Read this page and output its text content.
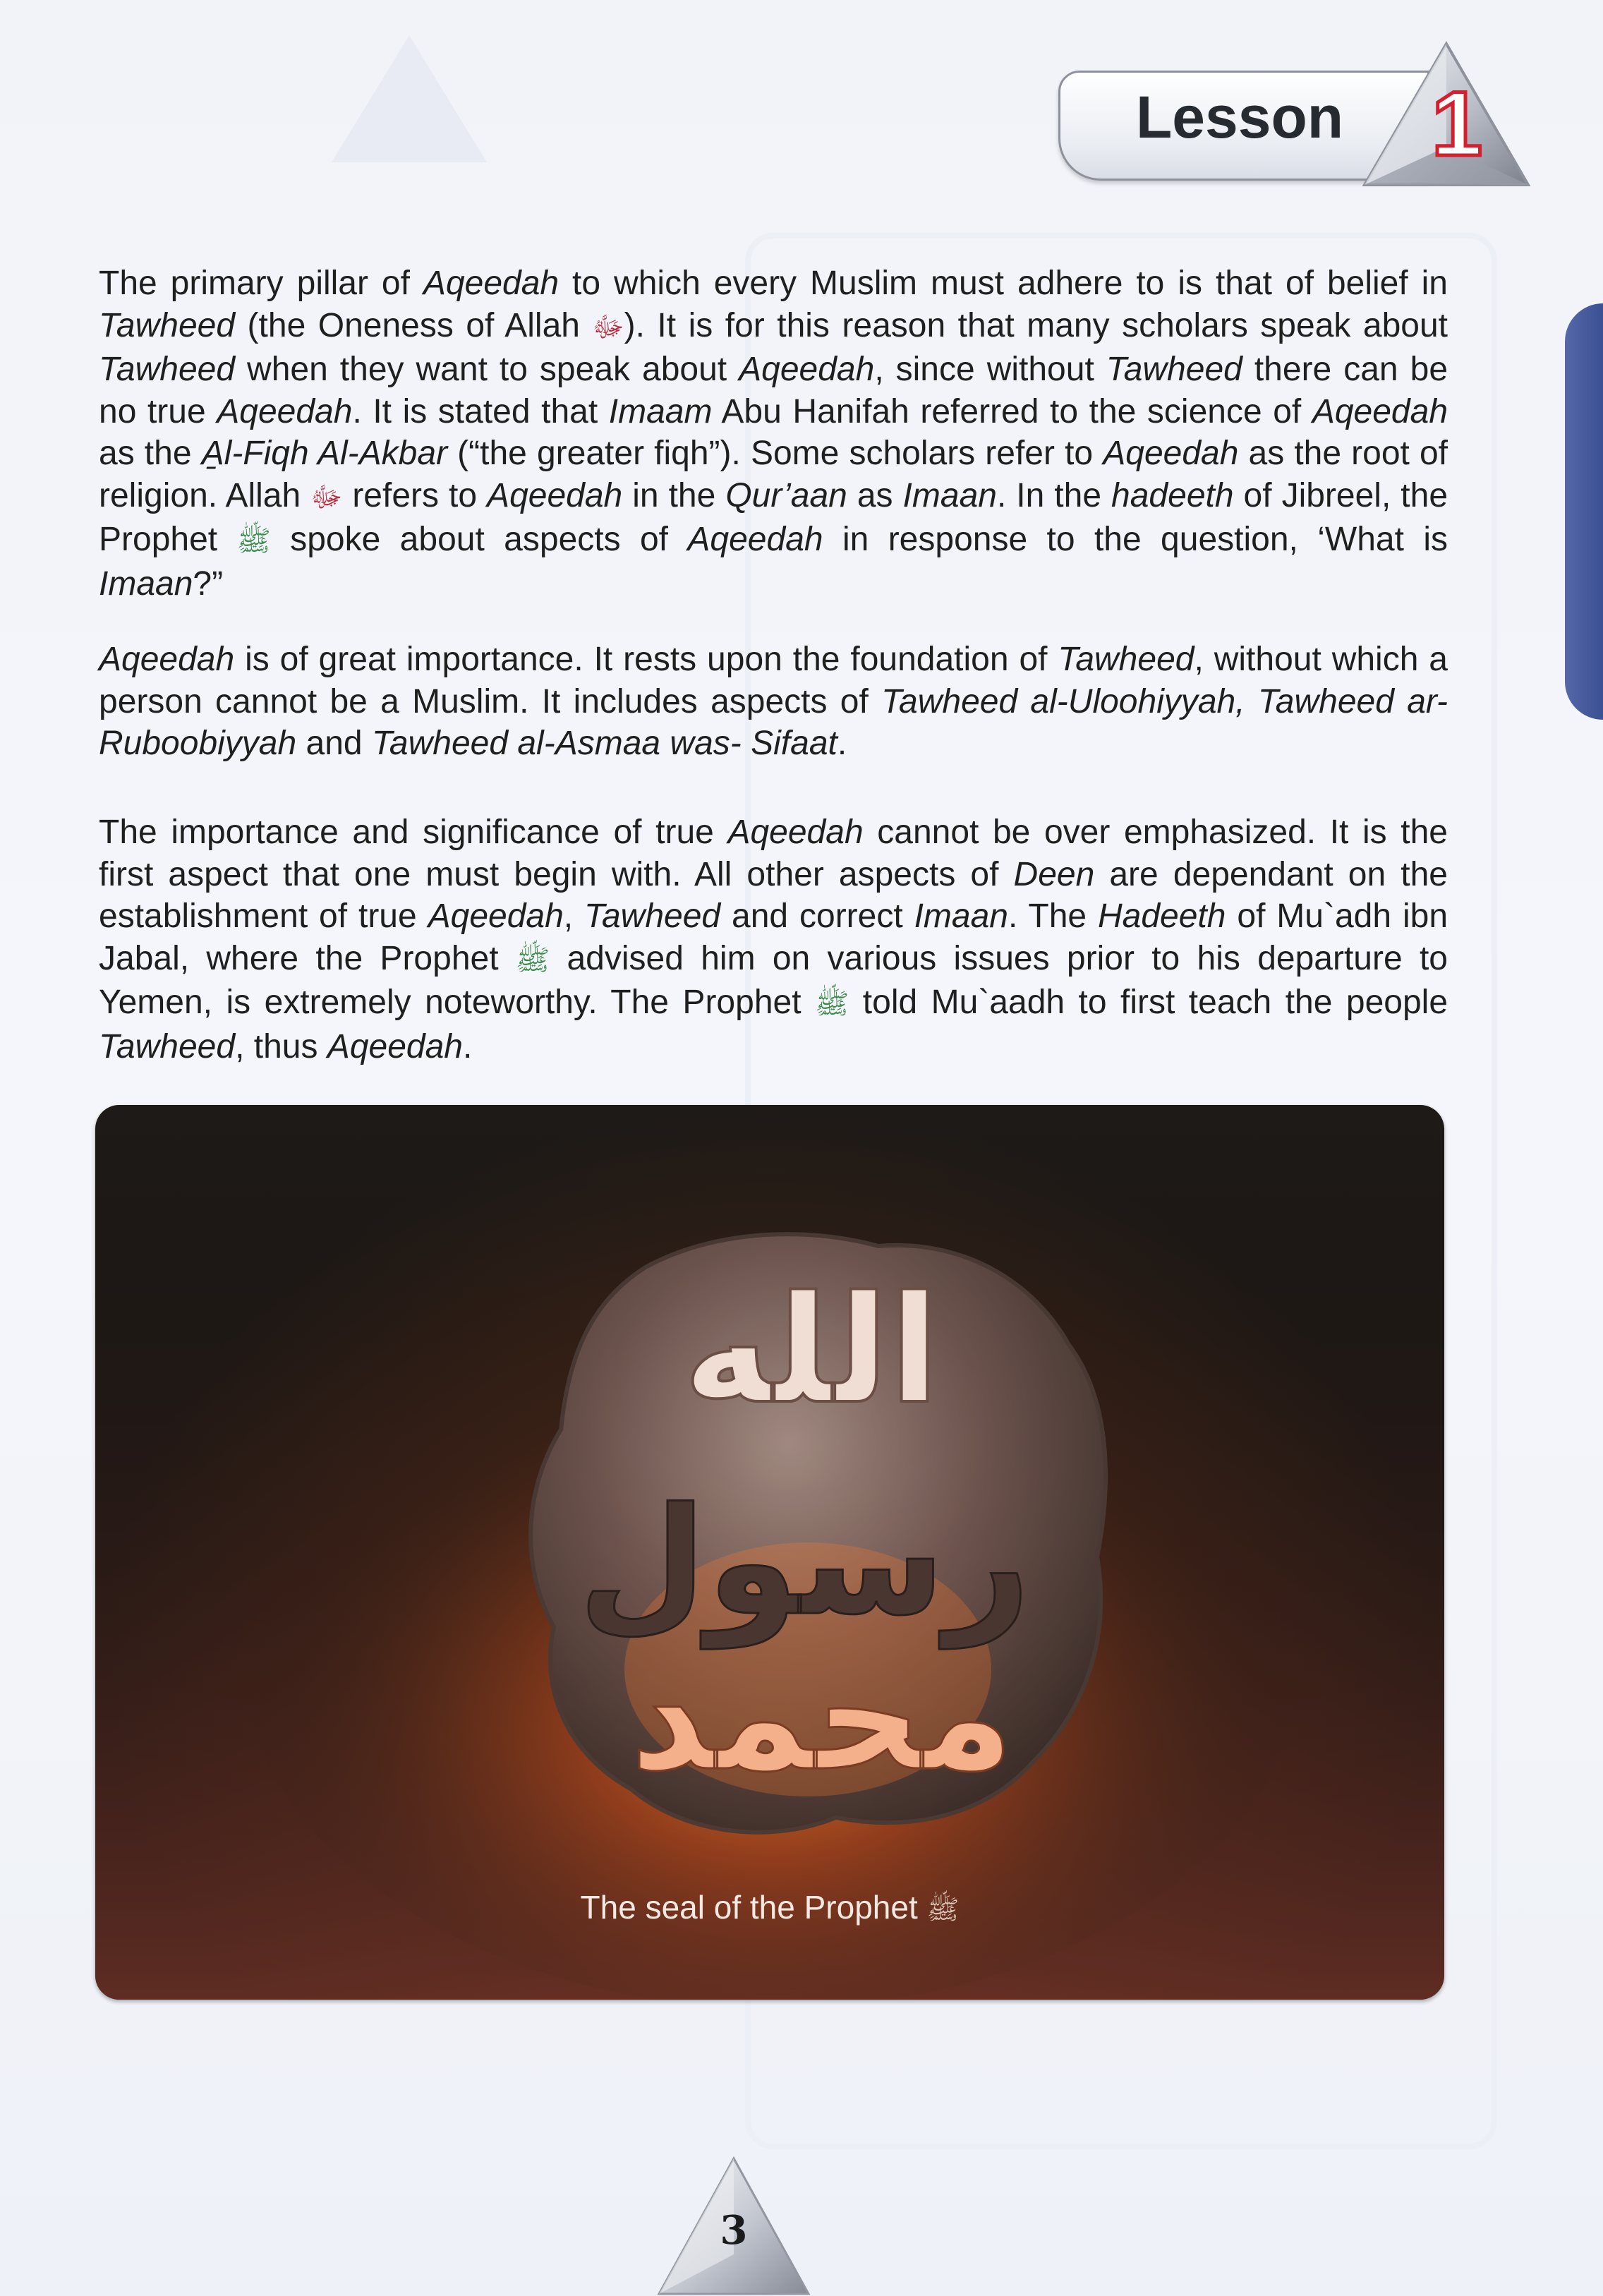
Lesson 1
The primary pillar of Aqeedah to which every Muslim must adhere to is that of belief in Tawheed (the Oneness of Allah ﷻ). It is for this reason that many scholars speak about Tawheed when they want to speak about Aqeedah, since without Tawheed there can be no true Aqeedah. It is stated that Imaam Abu Hanifah referred to the science of Aqeedah as the A̱l-Fiqh Al-Akbar (“the greater fiqh”). Some scholars refer to Aqeedah as the root of religion. Allah ﷻ refers to Aqeedah in the Qur’aan as Imaan. In the hadeeth of Jibreel, the Prophet ﷺ spoke about aspects of Aqeedah in response to the question, ‘What is Imaan?”
Aqeedah is of great importance. It rests upon the foundation of Tawheed, without which a person cannot be a Muslim. It includes aspects of Tawheed al-Uloohiyyah, Tawheed ar-Ruboobiyyah and Tawheed al-Asmaa was- Sifaat.
The importance and significance of true Aqeedah cannot be over emphasized. It is the first aspect that one must begin with. All other aspects of Deen are dependant on the establishment of true Aqeedah, Tawheed and correct Imaan. The Hadeeth of Mu`adh ibn Jabal, where the Prophet ﷺ advised him on various issues prior to his departure to Yemen, is extremely noteworthy. The Prophet ﷺ told Mu`aadh to first teach the people Tawheed, thus Aqeedah.
الله
رسول
محمد
The seal of the Prophet ﷺ
3
